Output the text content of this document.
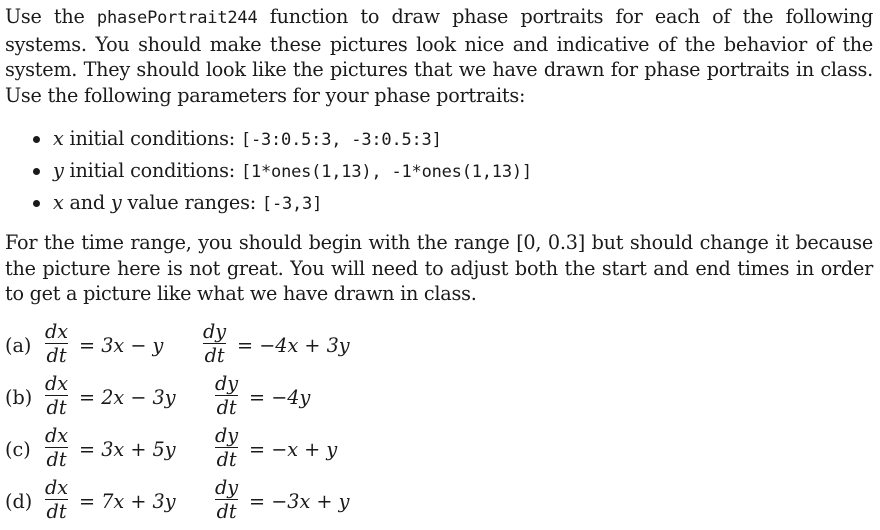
Use the phasePortrait244 function to draw phase portraits for each of the following systems. You should make these pictures look nice and indicative of the behavior of the system. They should look like the pictures that we have drawn for phase portraits in class. Use the following parameters for your phase portraits:

x initial conditions: [-3:0.5:3, -3:0.5:3]
y initial conditions: [1*ones(1,13), -1*ones(1,13)]
x and y value ranges: [-3,3]

For the time range, you should begin with the range [0, 0.3] but should change it because the picture here is not great. You will need to adjust both the start and end times in order to get a picture like what we have drawn in class.

(a)
dx
dt = 3x − y
dy
dt = −4x + 3y
(b)
dx
dt = 2x − 3y
dy
dt = −4y
(c)
dx
dt = 3x + 5y
dy
dt = −x + y
(d)
dx
dt = 7x + 3y
dy
dt = −3x + y
